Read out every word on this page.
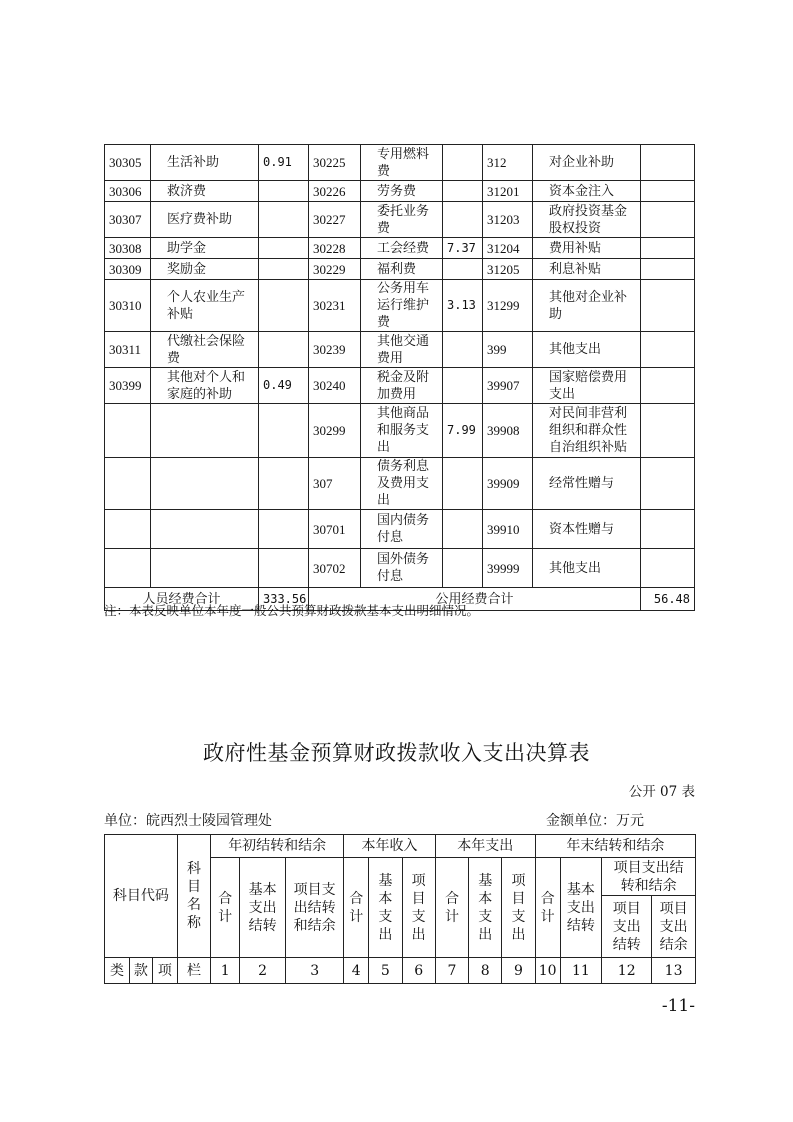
30305	生活补助	0.91	30225	专用燃料费		312	对企业补助	
30306	救济费		30226	劳务费		31201	资本金注入	
30307	医疗费补助		30227	委托业务费		31203	政府投资基金股权投资	
30308	助学金		30228	工会经费	7.37	31204	费用补贴	
30309	奖励金		30229	福利费		31205	利息补贴	
30310	个人农业生产补贴		30231	公务用车运行维护费	3.13	31299	其他对企业补助	
30311	代缴社会保险费		30239	其他交通费用		399	其他支出	
30399	其他对个人和家庭的补助	0.49	30240	税金及附加费用		39907	国家赔偿费用支出	
			30299	其他商品和服务支出	7.99	39908	对民间非营利组织和群众性自治组织补贴	
			307	债务利息及费用支出		39909	经常性赠与	
			30701	国内债务付息		39910	资本性赠与	
			30702	国外债务付息		39999	其他支出	
人员经费合计		333.56	公用经费合计					56.48
注：本表反映单位本年度一般公共预算财政拨款基本支出明细情况。
政府性基金预算财政拨款收入支出决算表
公开 07 表
单位：皖西烈士陵园管理处	金额单位：万元
科目代码			科目名称	年初结转和结余			本年收入			本年支出			年末结转和结余			
				合计	基本支出结转	项目支出结转和结余	合计	基本支出	项目支出	合计	基本支出	项目支出	合计	基本支出结转	项目支出结转和结余	
															项目支出结转	项目支出结余
类	款	项	栏	1	2	3	4	5	6	7	8	9	10	11	12	13
-11-
